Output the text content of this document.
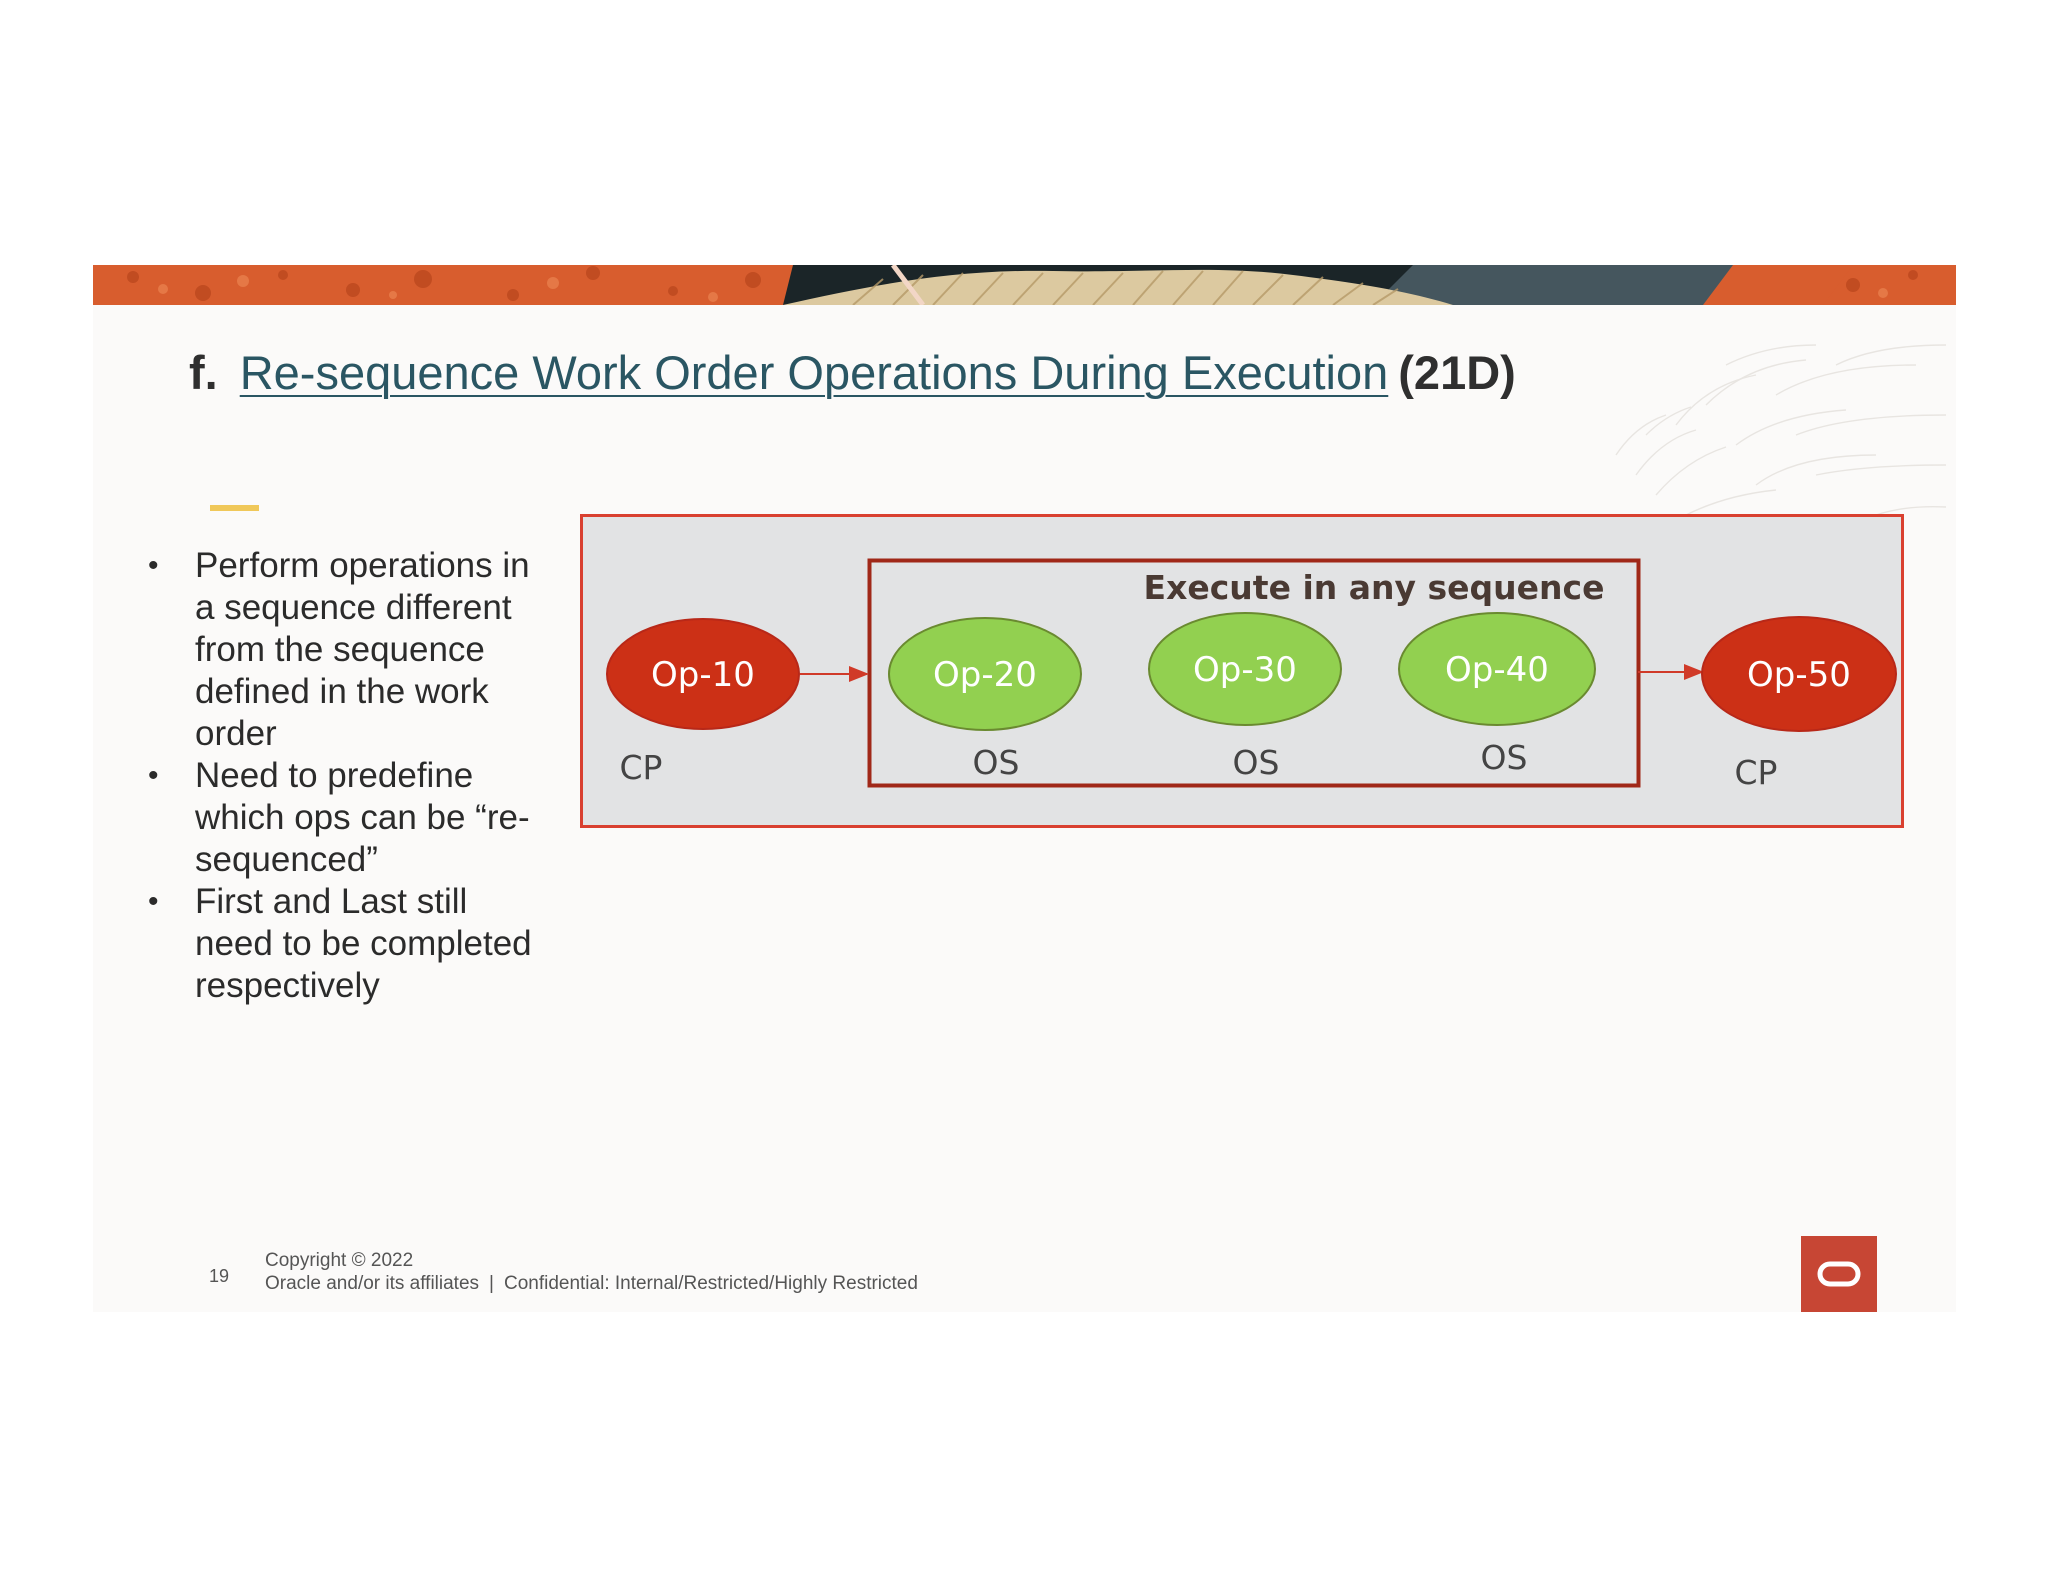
f. Re-sequence Work Order Operations During Execution (21D)
• Perform operations in a sequence different from the sequence defined in the work order
• Need to predefine which ops can be “re-sequenced”
• First and Last still need to be completed respectively
Execute in any sequence
Op-10
CP
Op-20
OS
Op-30
OS
Op-40
OS
Op-50
CP

19

Copyright © 2022

Oracle and/or its affiliates | Confidential: Internal/Restricted/Highly Restricted
